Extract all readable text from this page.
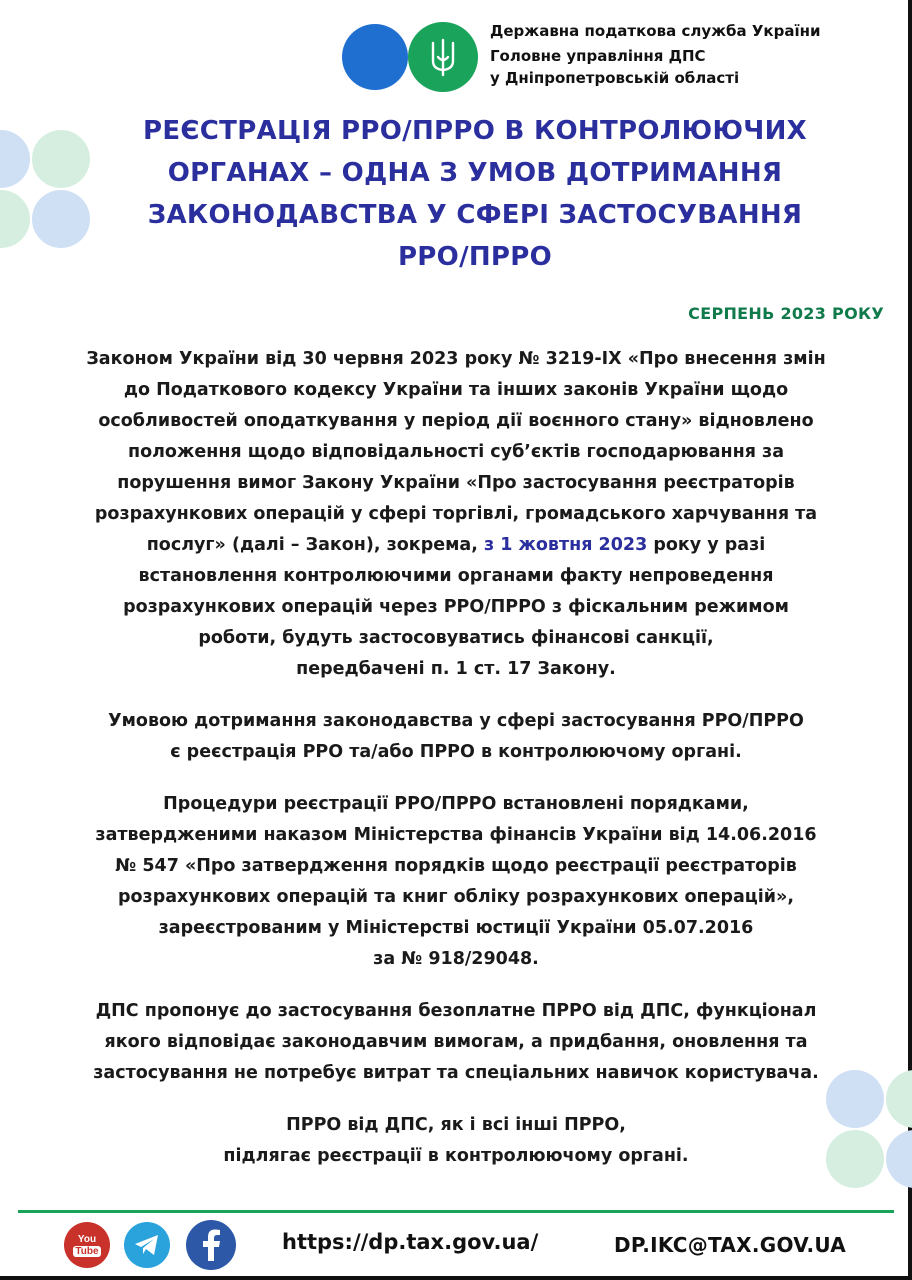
Державна податкова служба України
Головне управління ДПС
у Дніпропетровській області
РЕЄСТРАЦІЯ РРО/ПРРО В КОНТРОЛЮЮЧИХ
ОРГАНАХ – ОДНА З УМОВ ДОТРИМАННЯ
ЗАКОНОДАВСТВА У СФЕРІ ЗАСТОСУВАННЯ
РРО/ПРРО
СЕРПЕНЬ 2023 РОКУ

Законом України від 30 червня 2023 року № 3219-IX «Про внесення змін
до Податкового кодексу України та інших законів України щодо
особливостей оподаткування у період дії воєнного стану» відновлено
положення щодо відповідальності суб’єктів господарювання за
порушення вимог Закону України «Про застосування реєстраторів
розрахункових операцій у сфері торгівлі, громадського харчування та
послуг» (далі – Закон), зокрема, з 1 жовтня 2023 року у разі
встановлення контролюючими органами факту непроведення
розрахункових операцій через РРО/ПРРО з фіскальним режимом
роботи, будуть застосовуватись фінансові санкції,
передбачені п. 1 ст. 17 Закону.

Умовою дотримання законодавства у сфері застосування РРО/ПРРО
є реєстрація РРО та/або ПРРО в контролюючому органі.

Процедури реєстрації РРО/ПРРО встановлені порядками,
затвердженими наказом Міністерства фінансів України від 14.06.2016
№ 547 «Про затвердження порядків щодо реєстрації реєстраторів
розрахункових операцій та книг обліку розрахункових операцій»,
зареєстрованим у Міністерстві юстиції України 05.07.2016
за № 918/29048.

ДПС пропонує до застосування безоплатне ПРРО від ДПС, функціонал
якого відповідає законодавчим вимогам, а придбання, оновлення та
застосування не потребує витрат та спеціальних навичок користувача.

ПРРО від ДПС, як і всі інші ПРРО,
підлягає реєстрації в контролюючому органі.

You
Tube	https://dp.tax.gov.ua/	DP.IKC@TAX.GOV.UA
